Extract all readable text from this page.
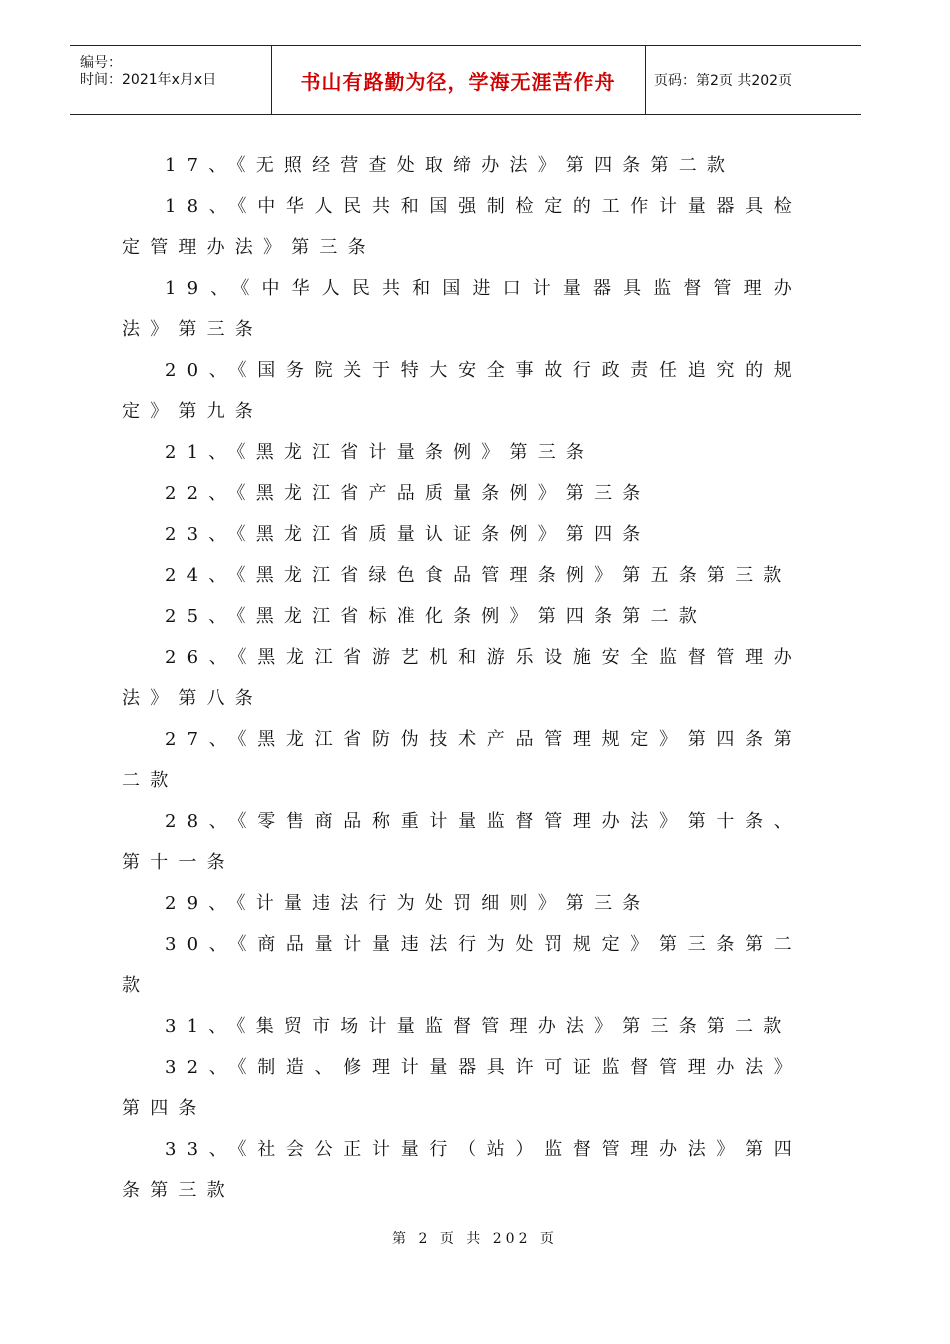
编号：
时间：2021年x月x日	书山有路勤为径，学海无涯苦作舟	页码：第2页 共202页
17、《无照经营查处取缔办法》第四条第二款
18、《中华人民共和国强制检定的工作计量器具检
定管理办法》第三条
19、《中华人民共和国进口计量器具监督管理办
法》第三条
20、《国务院关于特大安全事故行政责任追究的规
定》第九条
21、《黑龙江省计量条例》第三条
22、《黑龙江省产品质量条例》第三条
23、《黑龙江省质量认证条例》第四条
24、《黑龙江省绿色食品管理条例》第五条第三款
25、《黑龙江省标准化条例》第四条第二款
26、《黑龙江省游艺机和游乐设施安全监督管理办
法》第八条
27、《黑龙江省防伪技术产品管理规定》第四条第
二款
28、《零售商品称重计量监督管理办法》第十条、
第十一条
29、《计量违法行为处罚细则》第三条
30、《商品量计量违法行为处罚规定》第三条第二
款
31、《集贸市场计量监督管理办法》第三条第二款
32、《制造、修理计量器具许可证监督管理办法》
第四条
33、《社会公正计量行（站）监督管理办法》第四
条第三款
第 2 页 共 202 页
